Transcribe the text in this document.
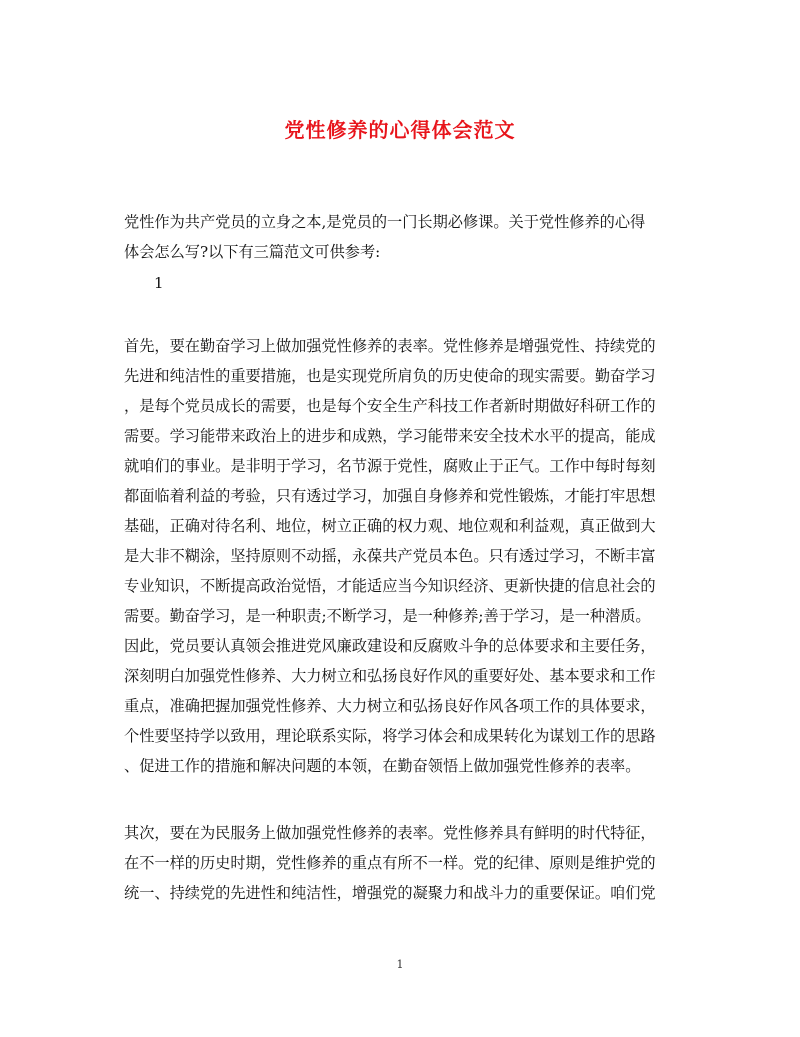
党性修养的心得体会范文
党性作为共产党员的立身之本,是党员的一门长期必修课。关于党性修养的心得
体会怎么写?以下有三篇范文可供参考:
1
首先，要在勤奋学习上做加强党性修养的表率。党性修养是增强党性、持续党的
先进和纯洁性的重要措施，也是实现党所肩负的历史使命的现实需要。勤奋学习
，是每个党员成长的需要，也是每个安全生产科技工作者新时期做好科研工作的
需要。学习能带来政治上的进步和成熟，学习能带来安全技术水平的提高，能成
就咱们的事业。是非明于学习，名节源于党性，腐败止于正气。工作中每时每刻
都面临着利益的考验，只有透过学习，加强自身修养和党性锻炼，才能打牢思想
基础，正确对待名利、地位，树立正确的权力观、地位观和利益观，真正做到大
是大非不糊涂，坚持原则不动摇，永葆共产党员本色。只有透过学习，不断丰富
专业知识，不断提高政治觉悟，才能适应当今知识经济、更新快捷的信息社会的
需要。勤奋学习，是一种职责;不断学习，是一种修养;善于学习，是一种潜质。
因此，党员要认真领会推进党风廉政建设和反腐败斗争的总体要求和主要任务，
深刻明白加强党性修养、大力树立和弘扬良好作风的重要好处、基本要求和工作
重点，准确把握加强党性修养、大力树立和弘扬良好作风各项工作的具体要求，
个性要坚持学以致用，理论联系实际，将学习体会和成果转化为谋划工作的思路
、促进工作的措施和解决问题的本领，在勤奋领悟上做加强党性修养的表率。
其次，要在为民服务上做加强党性修养的表率。党性修养具有鲜明的时代特征，
在不一样的历史时期，党性修养的重点有所不一样。党的纪律、原则是维护党的
统一、持续党的先进性和纯洁性，增强党的凝聚力和战斗力的重要保证。咱们党
1
